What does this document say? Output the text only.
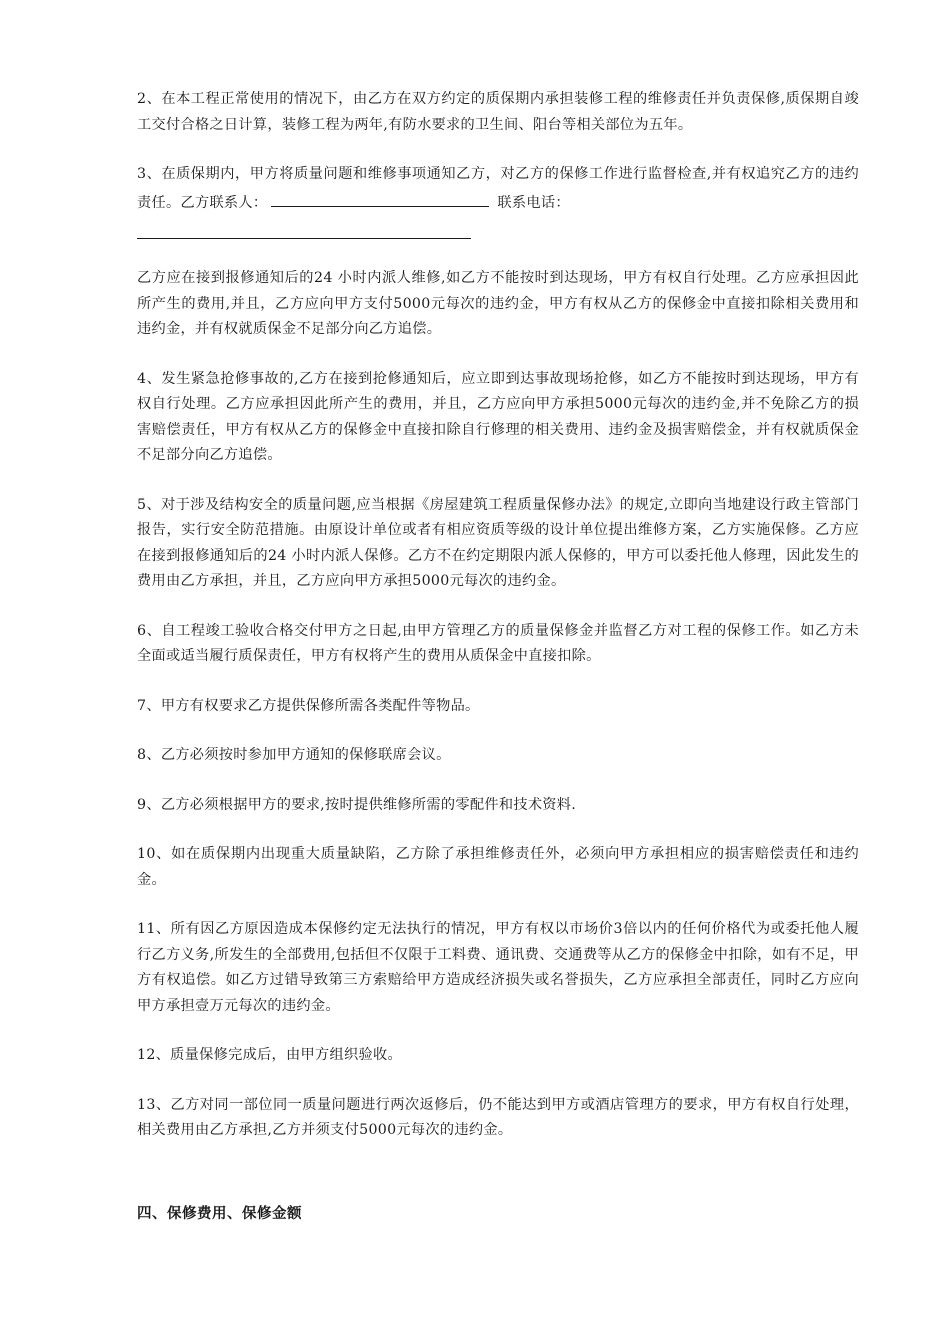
2、在本工程正常使用的情况下，由乙方在双方约定的质保期内承担装修工程的维修责任并负责保修,质保期自竣工交付合格之日计算，装修工程为两年,有防水要求的卫生间、阳台等相关部位为五年。

3、在质保期内，甲方将质量问题和维修事项通知乙方，对乙方的保修工作进行监督检查,并有权追究乙方的违约责任。乙方联系人：	联系电话：

乙方应在接到报修通知后的24 小时内派人维修,如乙方不能按时到达现场，甲方有权自行处理。乙方应承担因此所产生的费用,并且，乙方应向甲方支付5000元每次的违约金，甲方有权从乙方的保修金中直接扣除相关费用和违约金，并有权就质保金不足部分向乙方追偿。

4、发生紧急抢修事故的,乙方在接到抢修通知后，应立即到达事故现场抢修，如乙方不能按时到达现场，甲方有权自行处理。乙方应承担因此所产生的费用，并且，乙方应向甲方承担5000元每次的违约金,并不免除乙方的损害赔偿责任，甲方有权从乙方的保修金中直接扣除自行修理的相关费用、违约金及损害赔偿金，并有权就质保金不足部分向乙方追偿。

5、对于涉及结构安全的质量问题,应当根据《房屋建筑工程质量保修办法》的规定,立即向当地建设行政主管部门报告，实行安全防范措施。由原设计单位或者有相应资质等级的设计单位提出维修方案，乙方实施保修。乙方应在接到报修通知后的24 小时内派人保修。乙方不在约定期限内派人保修的，甲方可以委托他人修理，因此发生的费用由乙方承担，并且，乙方应向甲方承担5000元每次的违约金。

6、自工程竣工验收合格交付甲方之日起,由甲方管理乙方的质量保修金并监督乙方对工程的保修工作。如乙方未全面或适当履行质保责任，甲方有权将产生的费用从质保金中直接扣除。

7、甲方有权要求乙方提供保修所需各类配件等物品。

8、乙方必须按时参加甲方通知的保修联席会议。

9、乙方必须根据甲方的要求,按时提供维修所需的零配件和技术资料.

10、如在质保期内出现重大质量缺陷，乙方除了承担维修责任外，必须向甲方承担相应的损害赔偿责任和违约金。

11、所有因乙方原因造成本保修约定无法执行的情况，甲方有权以市场价3倍以内的任何价格代为或委托他人履行乙方义务,所发生的全部费用,包括但不仅限于工料费、通讯费、交通费等从乙方的保修金中扣除，如有不足，甲方有权追偿。如乙方过错导致第三方索赔给甲方造成经济损失或名誉损失，乙方应承担全部责任，同时乙方应向甲方承担壹万元每次的违约金。

12、质量保修完成后，由甲方组织验收。

13、乙方对同一部位同一质量问题进行两次返修后，仍不能达到甲方或酒店管理方的要求，甲方有权自行处理，相关费用由乙方承担,乙方并须支付5000元每次的违约金。

四、保修费用、保修金额
